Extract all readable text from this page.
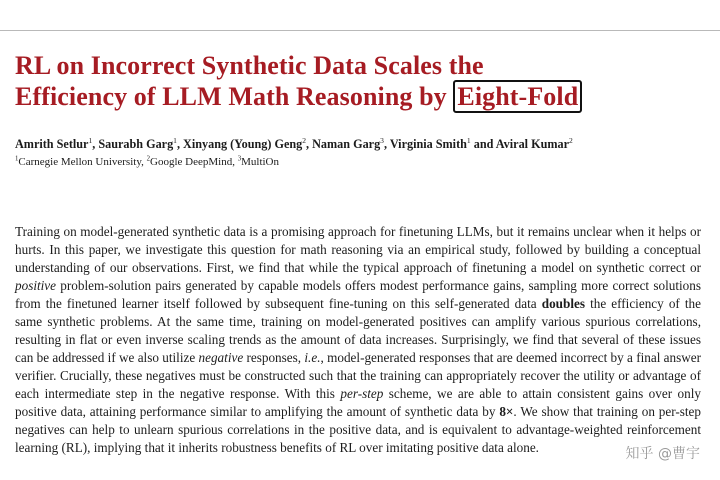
RL on Incorrect Synthetic Data Scales the
Efficiency of LLM Math Reasoning by Eight-Fold
Amrith Setlur$^1$, Saurabh Garg$^1$, Xinyang (Young) Geng$^2$, Naman Garg$^3$, Virginia Smith$^1$ and Aviral Kumar$^2$
$^1$Carnegie Mellon University, $^2$Google DeepMind, $^3$MultiOn

Training on model-generated synthetic data is a promising approach for finetuning LLMs, but it remains unclear when it helps or hurts. In this paper, we investigate this question for math reasoning via an empirical study, followed by building a conceptual understanding of our observations. First, we find that while the typical approach of finetuning a model on synthetic correct or positive problem-solution pairs generated by capable models offers modest performance gains, sampling more correct solutions from the finetuned learner itself followed by subsequent fine-tuning on this self-generated data doubles the efficiency of the same synthetic problems. At the same time, training on model-generated positives can amplify various spurious correlations, resulting in flat or even inverse scaling trends as the amount of data increases. Surprisingly, we find that several of these issues can be addressed if we also utilize negative responses, i.e., model-generated responses that are deemed incorrect by a final answer verifier. Crucially, these negatives must be constructed such that the training can appropriately recover the utility or advantage of each intermediate step in the negative response. With this per-step scheme, we are able to attain consistent gains over only positive data, attaining performance similar to amplifying the amount of synthetic data by 8×. We show that training on per-step negatives can help to unlearn spurious correlations in the positive data, and is equivalent to advantage-weighted reinforcement learning (RL), implying that it inherits robustness benefits of RL over imitating positive data alone.	知乎 @曹宇
